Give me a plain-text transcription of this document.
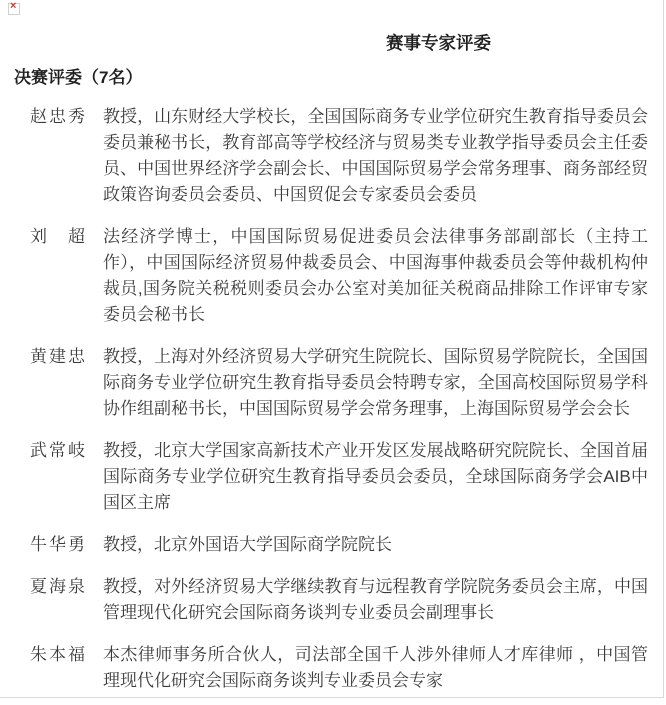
×
赛事专家评委
决赛评委（7名）
赵忠秀 教授，山东财经大学校长，全国国际商务专业学位研究生教育指导委员会委员兼秘书长，教育部高等学校经济与贸易类专业教学指导委员会主任委员、中国世界经济学会副会长、中国国际贸易学会常务理事、商务部经贸政策咨询委员会委员、中国贸促会专家委员会委员
刘超 法经济学博士，中国国际贸易促进委员会法律事务部副部长（主持工作），中国国际经济贸易仲裁委员会、中国海事仲裁委员会等仲裁机构仲裁员,国务院关税税则委员会办公室对美加征关税商品排除工作评审专家委员会秘书长
黄建忠 教授，上海对外经济贸易大学研究生院院长、国际贸易学院院长，全国国际商务专业学位研究生教育指导委员会特聘专家，全国高校国际贸易学科协作组副秘书长，中国国际贸易学会常务理事，上海国际贸易学会会长
武常岐 教授，北京大学国家高新技术产业开发区发展战略研究院院长、全国首届国际商务专业学位研究生教育指导委员会委员，全球国际商务学会AIB中国区主席
牛华勇 教授，北京外国语大学国际商学院院长
夏海泉 教授，对外经济贸易大学继续教育与远程教育学院院务委员会主席，中国管理现代化研究会国际商务谈判专业委员会副理事长
朱本福 本杰律师事务所合伙人，司法部全国千人涉外律师人才库律师 ，中国管理现代化研究会国际商务谈判专业委员会专家
